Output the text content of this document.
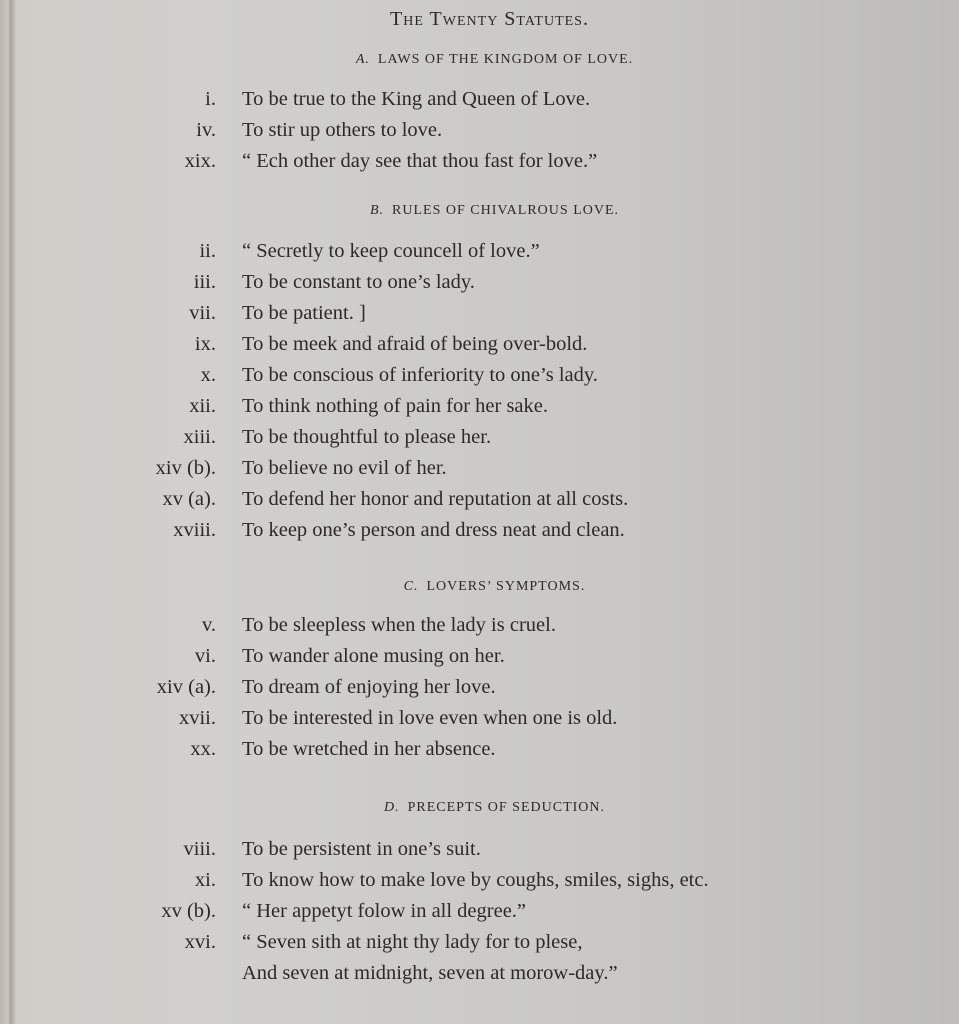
The Twenty Statutes.
A. LAWS OF THE KINGDOM OF LOVE.
i. To be true to the King and Queen of Love.
iv. To stir up others to love.
xix. “ Ech other day see that thou fast for love.”
B. RULES OF CHIVALROUS LOVE.
ii. “ Secretly to keep councell of love.”
iii. To be constant to one’s lady.
vii. To be patient. ]
ix. To be meek and afraid of being over-bold.
x. To be conscious of inferiority to one’s lady.
xii. To think nothing of pain for her sake.
xiii. To be thoughtful to please her.
xiv (b). To believe no evil of her.
xv (a). To defend her honor and reputation at all costs.
xviii. To keep one’s person and dress neat and clean.
C. LOVERS’ SYMPTOMS.
v. To be sleepless when the lady is cruel.
vi. To wander alone musing on her.
xiv (a). To dream of enjoying her love.
xvii. To be interested in love even when one is old.
xx. To be wretched in her absence.
D. PRECEPTS OF SEDUCTION.
viii. To be persistent in one’s suit.
xi. To know how to make love by coughs, smiles, sighs, etc.
xv (b). “ Her appetyt folow in all degree.”
xvi. “ Seven sith at night thy lady for to plese,
And seven at midnight, seven at morow-day.”
